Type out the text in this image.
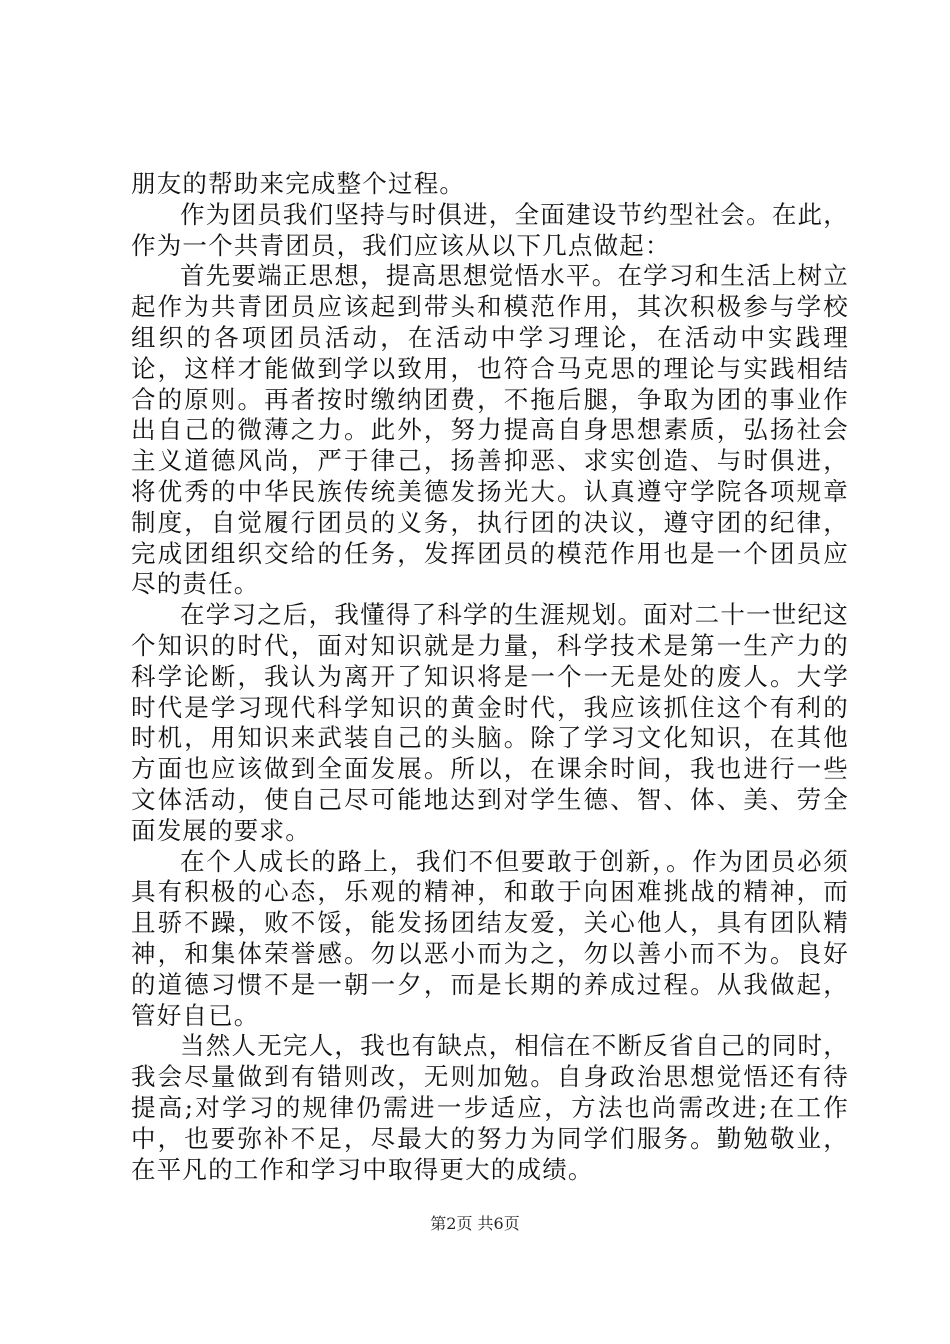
朋友的帮助来完成整个过程。

作为团员我们坚持与时俱进，全面建设节约型社会。在此，作为一个共青团员，我们应该从以下几点做起：

首先要端正思想，提高思想觉悟水平。在学习和生活上树立起作为共青团员应该起到带头和模范作用，其次积极参与学校组织的各项团员活动，在活动中学习理论，在活动中实践理论，这样才能做到学以致用，也符合马克思的理论与实践相结合的原则。再者按时缴纳团费，不拖后腿，争取为团的事业作出自己的微薄之力。此外，努力提高自身思想素质，弘扬社会主义道德风尚，严于律己，扬善抑恶、求实创造、与时俱进，将优秀的中华民族传统美德发扬光大。认真遵守学院各项规章制度，自觉履行团员的义务，执行团的决议，遵守团的纪律，完成团组织交给的任务，发挥团员的模范作用也是一个团员应尽的责任。

在学习之后，我懂得了科学的生涯规划。面对二十一世纪这个知识的时代，面对知识就是力量，科学技术是第一生产力的科学论断，我认为离开了知识将是一个一无是处的废人。大学时代是学习现代科学知识的黄金时代，我应该抓住这个有利的时机，用知识来武装自己的头脑。除了学习文化知识，在其他方面也应该做到全面发展。所以，在课余时间，我也进行一些文体活动，使自己尽可能地达到对学生德、智、体、美、劳全面发展的要求。

在个人成长的路上，我们不但要敢于创新，。作为团员必须具有积极的心态，乐观的精神，和敢于向困难挑战的精神，而且骄不躁，败不馁，能发扬团结友爱，关心他人，具有团队精神，和集体荣誉感。勿以恶小而为之，勿以善小而不为。良好的道德习惯不是一朝一夕，而是长期的养成过程。从我做起，管好自已。

当然人无完人，我也有缺点，相信在不断反省自己的同时，我会尽量做到有错则改，无则加勉。自身政治思想觉悟还有待提高;对学习的规律仍需进一步适应，方法也尚需改进;在工作中，也要弥补不足，尽最大的努力为同学们服务。勤勉敬业，在平凡的工作和学习中取得更大的成绩。

第2页 共6页
